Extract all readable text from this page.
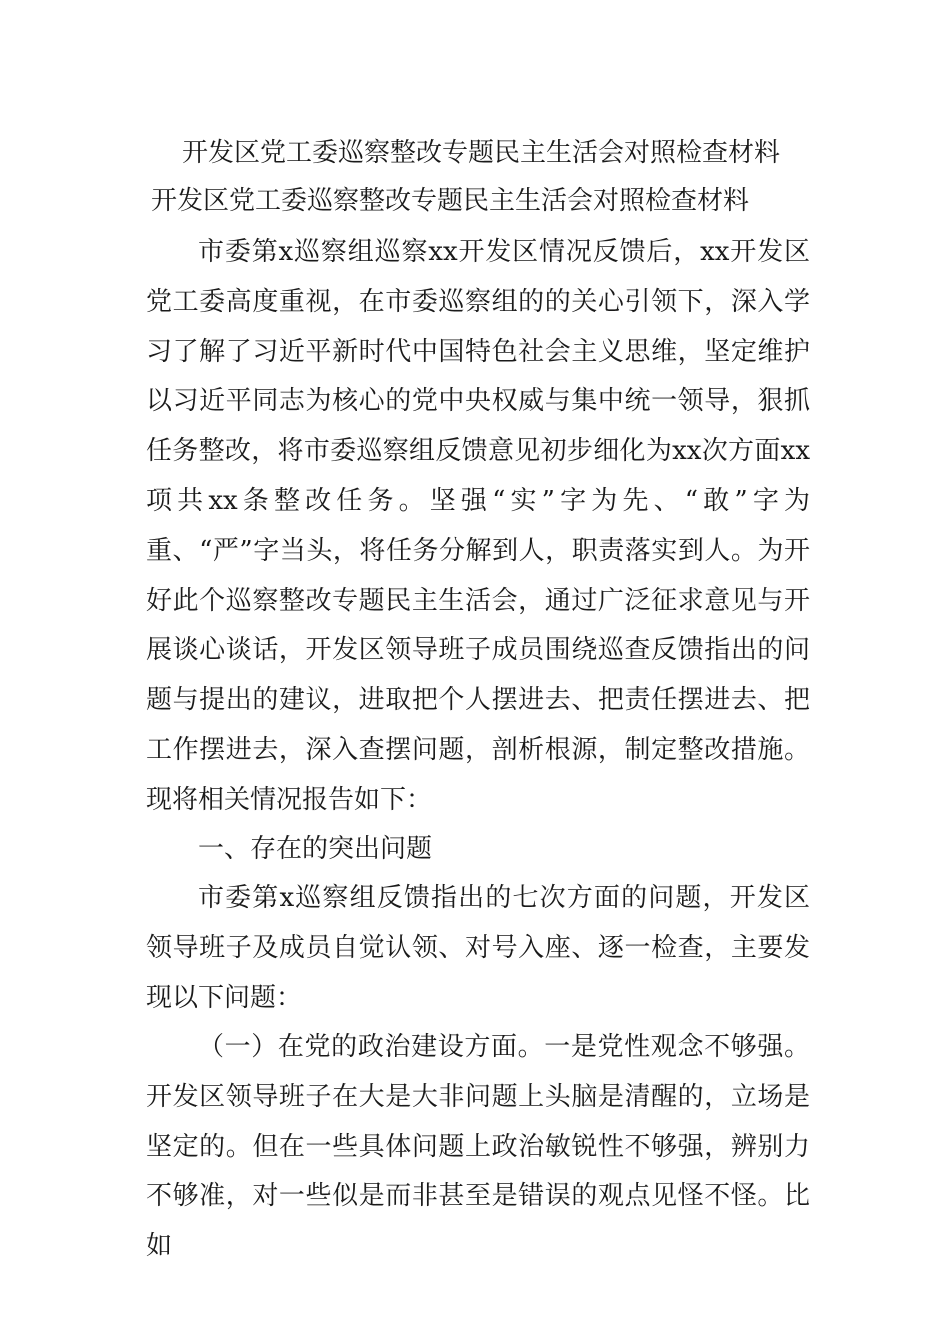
开发区党工委巡察整改专题民主生活会对照检查材料
开发区党工委巡察整改专题民主生活会对照检查材料

市委第x巡察组巡察xx开发区情况反馈后，xx开发区党工委高度重视，在市委巡察组的的关心引领下，深入学习了解了习近平新时代中国特色社会主义思维，坚定维护以习近平同志为核心的党中央权威与集中统一领导，狠抓任务整改，将市委巡察组反馈意见初步细化为xx次方面xx项共xx条整改任务。坚强“实”字为先、“敢”字为重、“严”字当头，将任务分解到人，职责落实到人。为开好此个巡察整改专题民主生活会，通过广泛征求意见与开展谈心谈话，开发区领导班子成员围绕巡查反馈指出的问题与提出的建议，进取把个人摆进去、把责任摆进去、把工作摆进去，深入查摆问题，剖析根源，制定整改措施。现将相关情况报告如下：

一、存在的突出问题

市委第x巡察组反馈指出的七次方面的问题，开发区领导班子及成员自觉认领、对号入座、逐一检查，主要发现以下问题：

（一）在党的政治建设方面。一是党性观念不够强。开发区领导班子在大是大非问题上头脑是清醒的，立场是坚定的。但在一些具体问题上政治敏锐性不够强，辨别力不够准，对一些似是而非甚至是错误的观点见怪不怪。比如
